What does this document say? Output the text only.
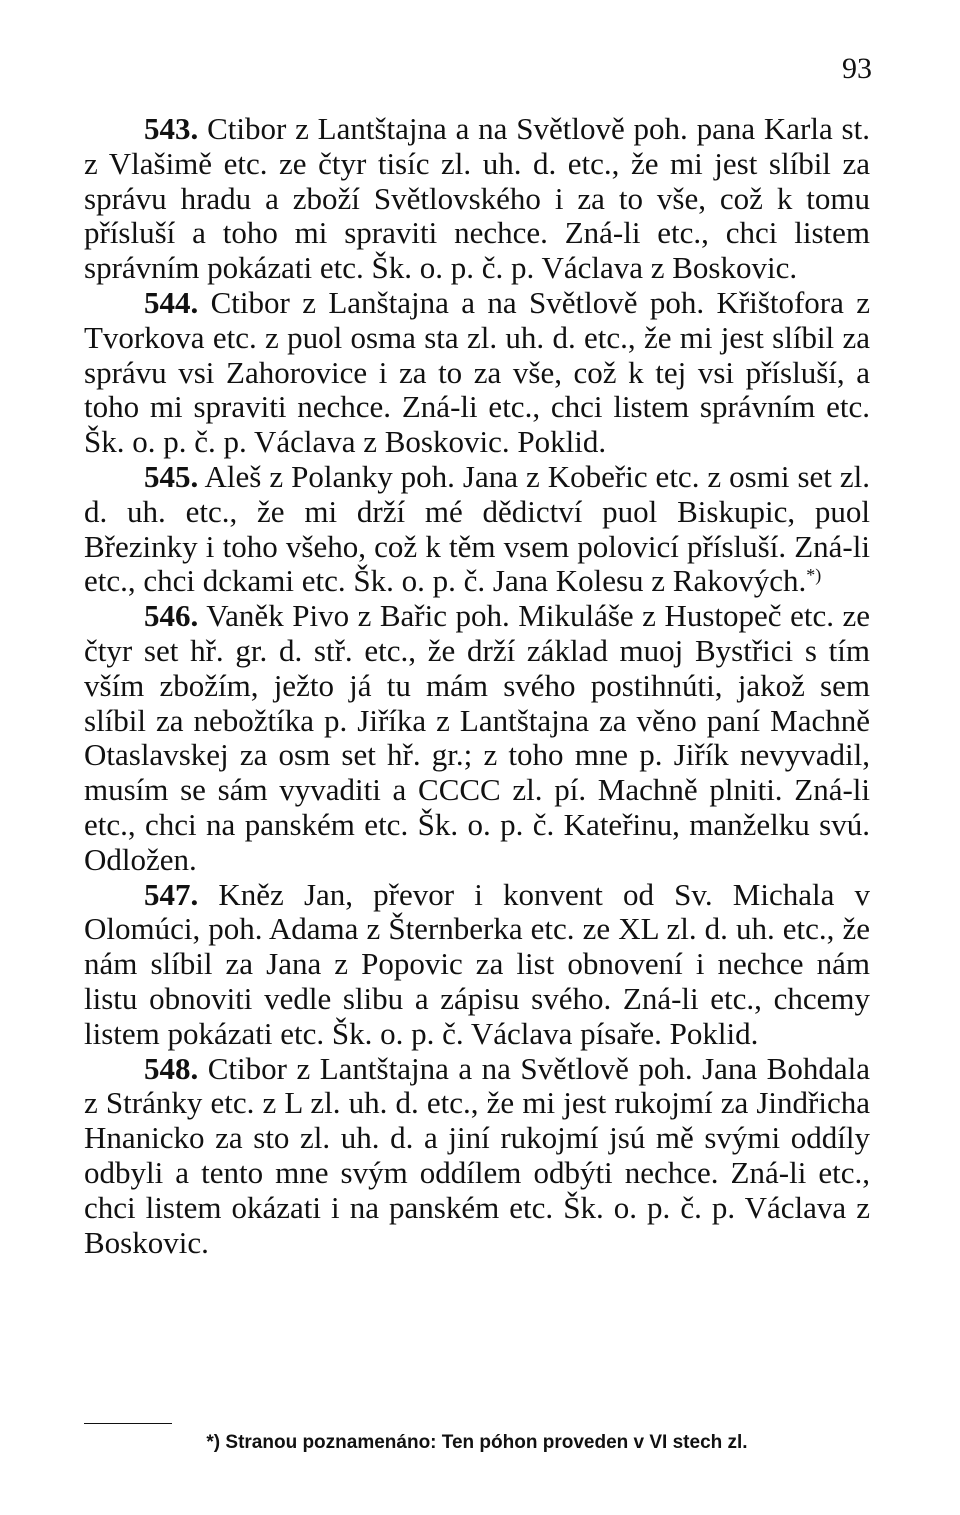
93

543. Ctibor z Lantštajna a na Světlově poh. pana Karla st. z Vlašimě etc. ze čtyr tisíc zl. uh. d. etc., že mi jest slíbil za správu hradu a zboží Světlovského i za to vše, což k tomu přísluší a toho mi spraviti nechce. Zná-li etc., chci listem správním pokázati etc. Šk. o. p. č. p. Václava z Boskovic.

544. Ctibor z Lanštajna a na Světlově poh. Křištofora z Tvorkova etc. z puol osma sta zl. uh. d. etc., že mi jest slíbil za správu vsi Zahorovice i za to za vše, což k tej vsi přísluší, a toho mi spraviti nechce. Zná-li etc., chci listem správním etc. Šk. o. p. č. p. Václava z Boskovic. Poklid.

545. Aleš z Polanky poh. Jana z Kobeřic etc. z osmi set zl. d. uh. etc., že mi drží mé dědictví puol Biskupic, puol Březinky i toho všeho, což k těm vsem polovicí přísluší. Zná-li etc., chci dckami etc. Šk. o. p. č. Jana Kolesu z Rakových.*)

546. Vaněk Pivo z Bařic poh. Mikuláše z Hustopeč etc. ze čtyr set hř. gr. d. stř. etc., že drží základ muoj Bystřici s tím vším zbožím, ježto já tu mám svého postihnúti, jakož sem slíbil za nebožtíka p. Jiříka z Lantštajna za věno paní Machně Otaslavskej za osm set hř. gr.; z toho mne p. Jiřík nevyvadil, musím se sám vyvaditi a CCCC zl. pí. Machně plniti. Zná-li etc., chci na panském etc. Šk. o. p. č. Kateřinu, manželku svú. Odložen.

547. Kněz Jan, převor i konvent od Sv. Michala v Olomúci, poh. Adama z Šternberka etc. ze XL zl. d. uh. etc., že nám slíbil za Jana z Popovic za list obnovení i nechce nám listu obnoviti vedle slibu a zápisu svého. Zná-li etc., chcemy listem pokázati etc. Šk. o. p. č. Václava písaře. Poklid.

548. Ctibor z Lantštajna a na Světlově poh. Jana Bohdala z Stránky etc. z L zl. uh. d. etc., že mi jest rukojmí za Jindřicha Hnanicko za sto zl. uh. d. a jiní rukojmí jsú mě svými oddíly odbyli a tento mne svým oddílem odbýti nechce. Zná-li etc., chci listem okázati i na panském etc. Šk. o. p. č. p. Václava z Boskovic.

*) Stranou poznamenáno: Ten póhon proveden v VI stech zl.
